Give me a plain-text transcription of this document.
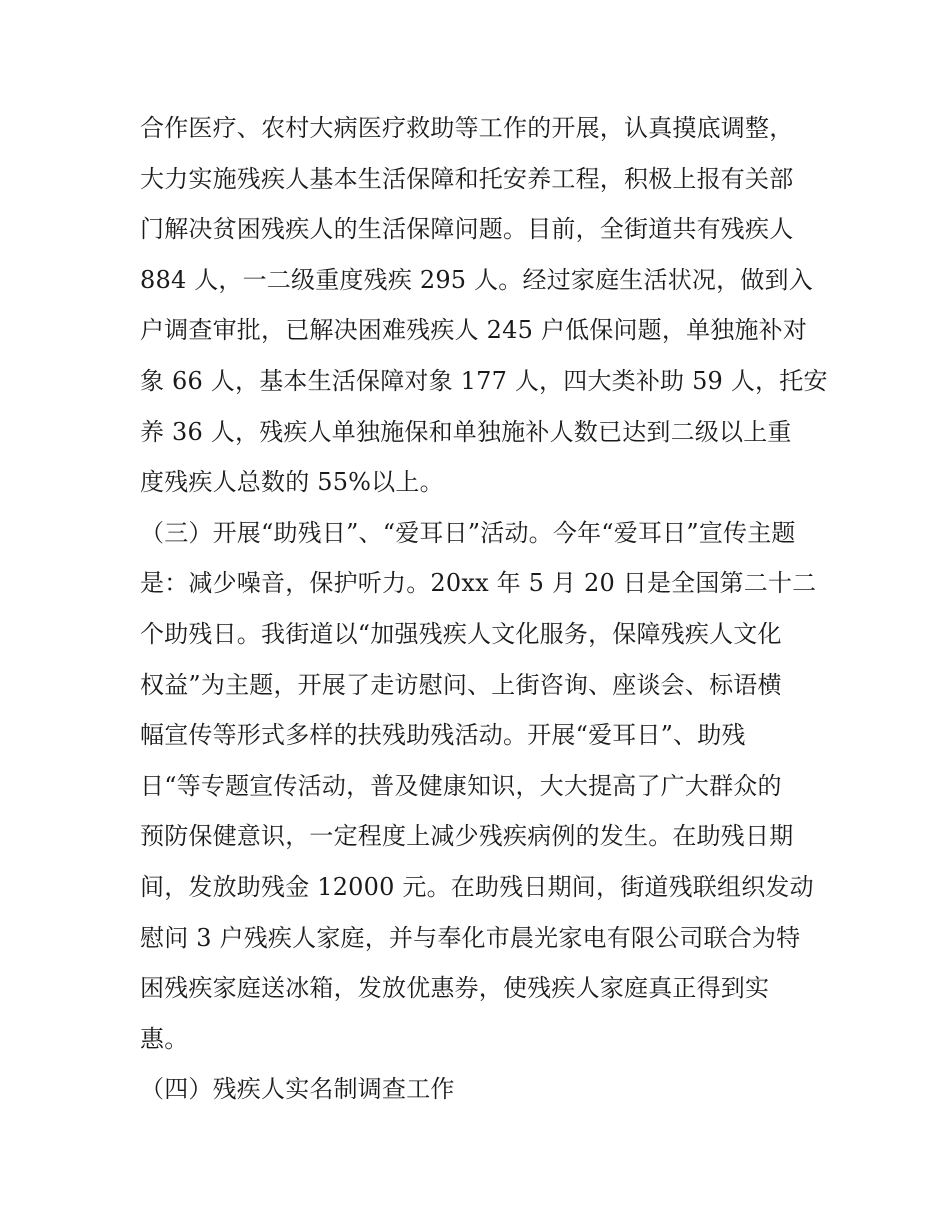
合作医疗、农村大病医疗救助等工作的开展，认真摸底调整，
大力实施残疾人基本生活保障和托安养工程，积极上报有关部
门解决贫困残疾人的生活保障问题。目前，全街道共有残疾人
884 人，一二级重度残疾 295 人。经过家庭生活状况，做到入
户调查审批，已解决困难残疾人 245 户低保问题，单独施补对
象 66 人，基本生活保障对象 177 人，四大类补助 59 人，托安
养 36 人，残疾人单独施保和单独施补人数已达到二级以上重
度残疾人总数的 55%以上。
（三）开展“助残日”、“爱耳日”活动。今年“爱耳日”宣传主题
是：减少噪音，保护听力。20xx 年 5 月 20 日是全国第二十二
个助残日。我街道以“加强残疾人文化服务，保障残疾人文化
权益”为主题，开展了走访慰问、上街咨询、座谈会、标语横
幅宣传等形式多样的扶残助残活动。开展“爱耳日”、助残
日“等专题宣传活动，普及健康知识，大大提高了广大群众的
预防保健意识，一定程度上减少残疾病例的发生。在助残日期
间，发放助残金 12000 元。在助残日期间，街道残联组织发动
慰问 3 户残疾人家庭，并与奉化市晨光家电有限公司联合为特
困残疾家庭送冰箱，发放优惠券，使残疾人家庭真正得到实
惠。
（四）残疾人实名制调查工作
